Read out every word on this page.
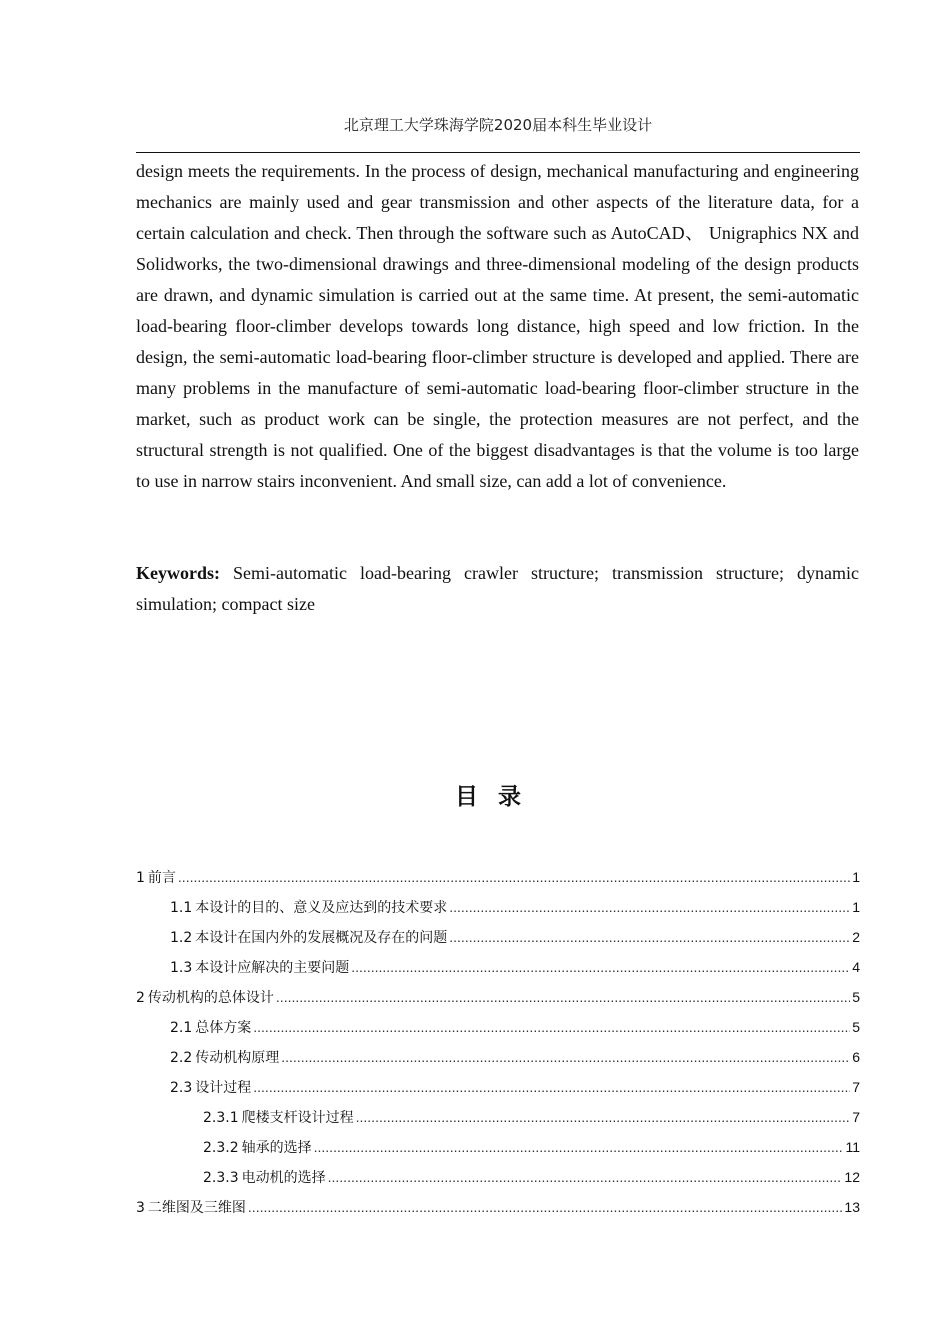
北京理工大学珠海学院2020届本科生毕业设计

design meets the requirements. In the process of design, mechanical manufacturing and engineering mechanics are mainly used and gear transmission and other aspects of the literature data, for a certain calculation and check. Then through the software such as AutoCAD、 Unigraphics NX and Solidworks, the two-dimensional drawings and three-dimensional modeling of the design products are drawn, and dynamic simulation is carried out at the same time. At present, the semi-automatic load-bearing floor-climber develops towards long distance, high speed and low friction. In the design, the semi-automatic load-bearing floor-climber structure is developed and applied. There are many problems in the manufacture of semi-automatic load-bearing floor-climber structure in the market, such as product work can be single, the protection measures are not perfect, and the structural strength is not qualified. One of the biggest disadvantages is that the volume is too large to use in narrow stairs inconvenient. And small size, can add a lot of convenience.

Keywords: Semi-automatic load-bearing crawler structure; transmission structure; dynamic simulation; compact size

目录
1 前言 .....	1
1.1 本设计的目的、意义及应达到的技术要求 .....	1
1.2 本设计在国内外的发展概况及存在的问题 .....	2
1.3 本设计应解决的主要问题 .....	4
2 传动机构的总体设计 .....	5
2.1 总体方案 .....	5
2.2 传动机构原理 .....	6
2.3 设计过程 .....	7
2.3.1 爬楼支杆设计过程 .....	7
2.3.2 轴承的选择 .....	11
2.3.3 电动机的选择 .....	12
3 二维图及三维图 .....	13
